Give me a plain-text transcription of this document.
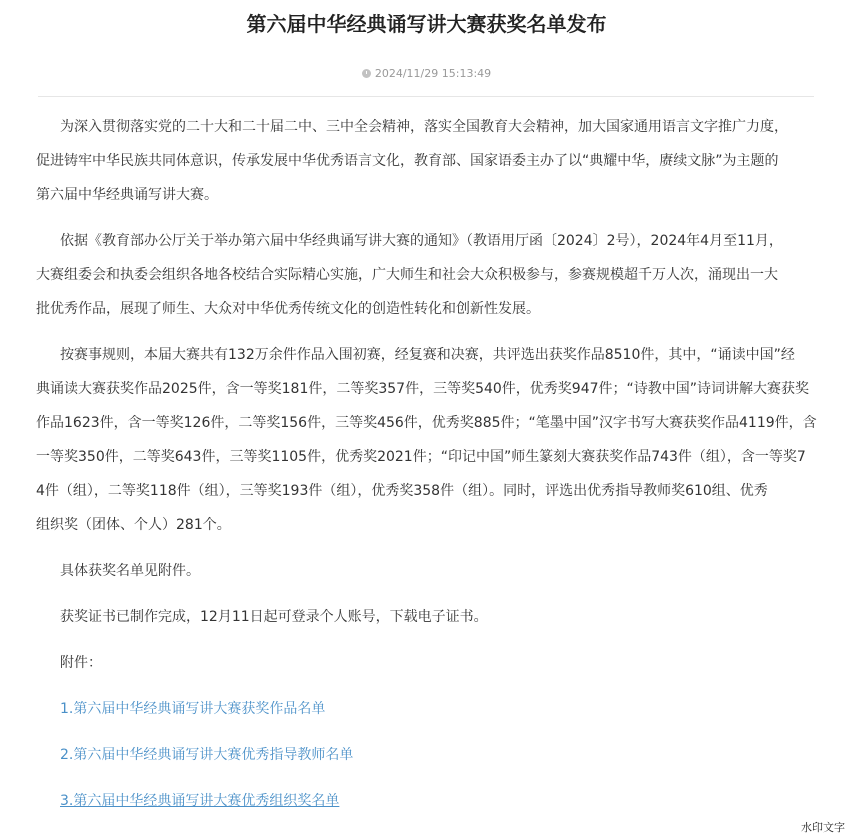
第六届中华经典诵写讲大赛获奖名单发布
2024/11/29 15:13:49

为深入贯彻落实党的二十大和二十届二中、三中全会精神，落实全国教育大会精神，加大国家通用语言文字推广力度，
促进铸牢中华民族共同体意识，传承发展中华优秀语言文化，教育部、国家语委主办了以“典耀中华，赓续文脉”为主题的
第六届中华经典诵写讲大赛。

依据《教育部办公厅关于举办第六届中华经典诵写讲大赛的通知》（教语用厅函〔2024〕2号），2024年4月至11月，
大赛组委会和执委会组织各地各校结合实际精心实施，广大师生和社会大众积极参与，参赛规模超千万人次，涌现出一大
批优秀作品，展现了师生、大众对中华优秀传统文化的创造性转化和创新性发展。

按赛事规则，本届大赛共有132万余件作品入围初赛，经复赛和决赛，共评选出获奖作品8510件，其中，“诵读中国”经
典诵读大赛获奖作品2025件，含一等奖181件，二等奖357件，三等奖540件，优秀奖947件；“诗教中国”诗词讲解大赛获奖
作品1623件，含一等奖126件，二等奖156件，三等奖456件，优秀奖885件；“笔墨中国”汉字书写大赛获奖作品4119件，含
一等奖350件，二等奖643件，三等奖1105件，优秀奖2021件；“印记中国”师生篆刻大赛获奖作品743件（组），含一等奖7
4件（组），二等奖118件（组），三等奖193件（组），优秀奖358件（组）。同时，评选出优秀指导教师奖610组、优秀
组织奖（团体、个人）281个。

具体获奖名单见附件。

获奖证书已制作完成，12月11日起可登录个人账号，下载电子证书。

附件：

1.第六届中华经典诵写讲大赛获奖作品名单
2.第六届中华经典诵写讲大赛优秀指导教师名单
3.第六届中华经典诵写讲大赛优秀组织奖名单
水印文字
